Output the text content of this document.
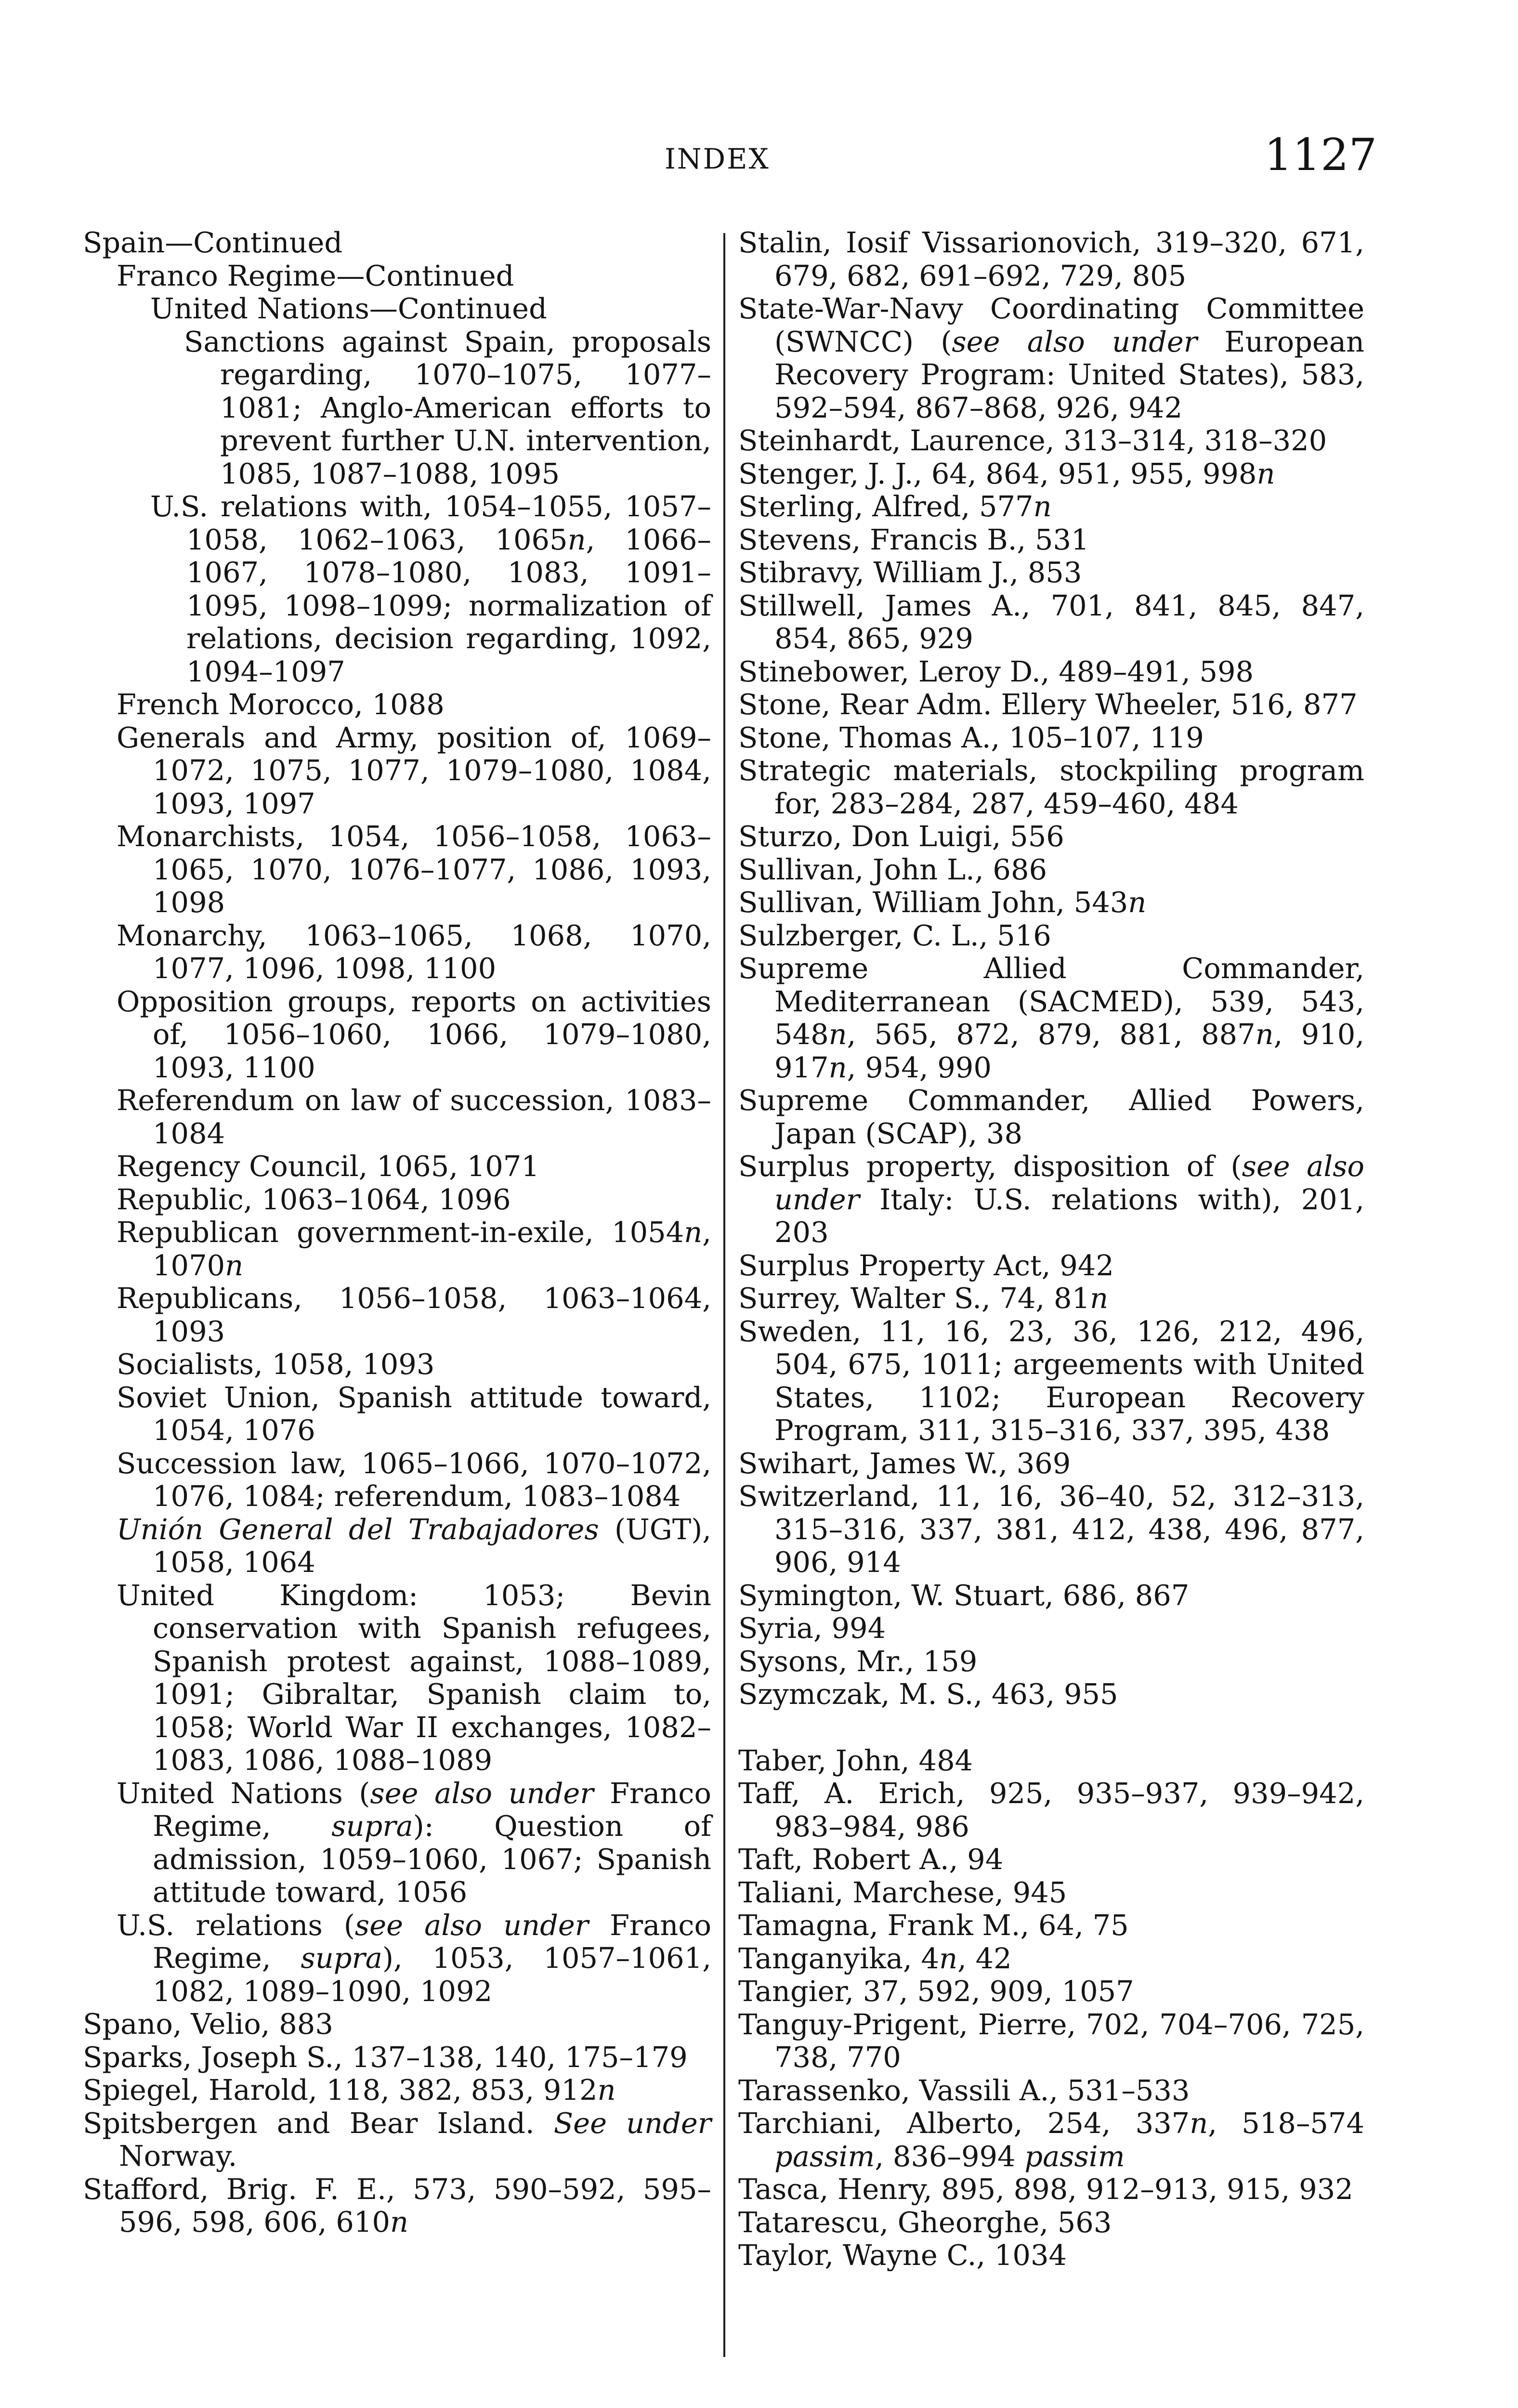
INDEX	1127
Spain—Continued
Franco Regime—Continued
United Nations—Continued
Sanctions against Spain, proposals regarding, 1070–1075, 1077–1081; Anglo-American efforts to prevent further U.N. intervention, 1085, 1087–1088, 1095
U.S. relations with, 1054–1055, 1057–1058, 1062–1063, 1065n, 1066–1067, 1078–1080, 1083, 1091–1095, 1098–1099; normalization of relations, decision regarding, 1092, 1094–1097
French Morocco, 1088
Generals and Army, position of, 1069–1072, 1075, 1077, 1079–1080, 1084, 1093, 1097
Monarchists, 1054, 1056–1058, 1063–1065, 1070, 1076–1077, 1086, 1093, 1098
Monarchy, 1063–1065, 1068, 1070, 1077, 1096, 1098, 1100
Opposition groups, reports on activities of, 1056–1060, 1066, 1079–1080, 1093, 1100
Referendum on law of succession, 1083–1084
Regency Council, 1065, 1071
Republic, 1063–1064, 1096
Republican government-in-exile, 1054n, 1070n
Republicans, 1056–1058, 1063–1064, 1093
Socialists, 1058, 1093
Soviet Union, Spanish attitude toward, 1054, 1076
Succession law, 1065–1066, 1070–1072, 1076, 1084; referendum, 1083–1084
Unión General del Trabajadores (UGT), 1058, 1064
United Kingdom: 1053; Bevin conservation with Spanish refugees, Spanish protest against, 1088–1089, 1091; Gibraltar, Spanish claim to, 1058; World War II exchanges, 1082–1083, 1086, 1088–1089
United Nations (see also under Franco Regime, supra): Question of admission, 1059–1060, 1067; Spanish attitude toward, 1056
U.S. relations (see also under Franco Regime, supra), 1053, 1057–1061, 1082, 1089–1090, 1092
Spano, Velio, 883
Sparks, Joseph S., 137–138, 140, 175–179
Spiegel, Harold, 118, 382, 853, 912n
Spitsbergen and Bear Island. See under Norway.
Stafford, Brig. F. E., 573, 590–592, 595–596, 598, 606, 610n
Stalin, Iosif Vissarionovich, 319–320, 671, 679, 682, 691–692, 729, 805
State-War-Navy Coordinating Committee (SWNCC) (see also under European Recovery Program: United States), 583, 592–594, 867–868, 926, 942
Steinhardt, Laurence, 313–314, 318–320
Stenger, J. J., 64, 864, 951, 955, 998n
Sterling, Alfred, 577n
Stevens, Francis B., 531
Stibravy, William J., 853
Stillwell, James A., 701, 841, 845, 847, 854, 865, 929
Stinebower, Leroy D., 489–491, 598
Stone, Rear Adm. Ellery Wheeler, 516, 877
Stone, Thomas A., 105–107, 119
Strategic materials, stockpiling program for, 283–284, 287, 459–460, 484
Sturzo, Don Luigi, 556
Sullivan, John L., 686
Sullivan, William John, 543n
Sulzberger, C. L., 516
Supreme Allied Commander, Mediterranean (SACMED), 539, 543, 548n, 565, 872, 879, 881, 887n, 910, 917n, 954, 990
Supreme Commander, Allied Powers, Japan (SCAP), 38
Surplus property, disposition of (see also under Italy: U.S. relations with), 201, 203
Surplus Property Act, 942
Surrey, Walter S., 74, 81n
Sweden, 11, 16, 23, 36, 126, 212, 496, 504, 675, 1011; argeements with United States, 1102; European Recovery Program, 311, 315–316, 337, 395, 438
Swihart, James W., 369
Switzerland, 11, 16, 36–40, 52, 312–313, 315–316, 337, 381, 412, 438, 496, 877, 906, 914
Symington, W. Stuart, 686, 867
Syria, 994
Sysons, Mr., 159
Szymczak, M. S., 463, 955
Taber, John, 484
Taff, A. Erich, 925, 935–937, 939–942, 983–984, 986
Taft, Robert A., 94
Taliani, Marchese, 945
Tamagna, Frank M., 64, 75
Tanganyika, 4n, 42
Tangier, 37, 592, 909, 1057
Tanguy-Prigent, Pierre, 702, 704–706, 725, 738, 770
Tarassenko, Vassili A., 531–533
Tarchiani, Alberto, 254, 337n, 518–574 passim, 836–994 passim
Tasca, Henry, 895, 898, 912–913, 915, 932
Tatarescu, Gheorghe, 563
Taylor, Wayne C., 1034
